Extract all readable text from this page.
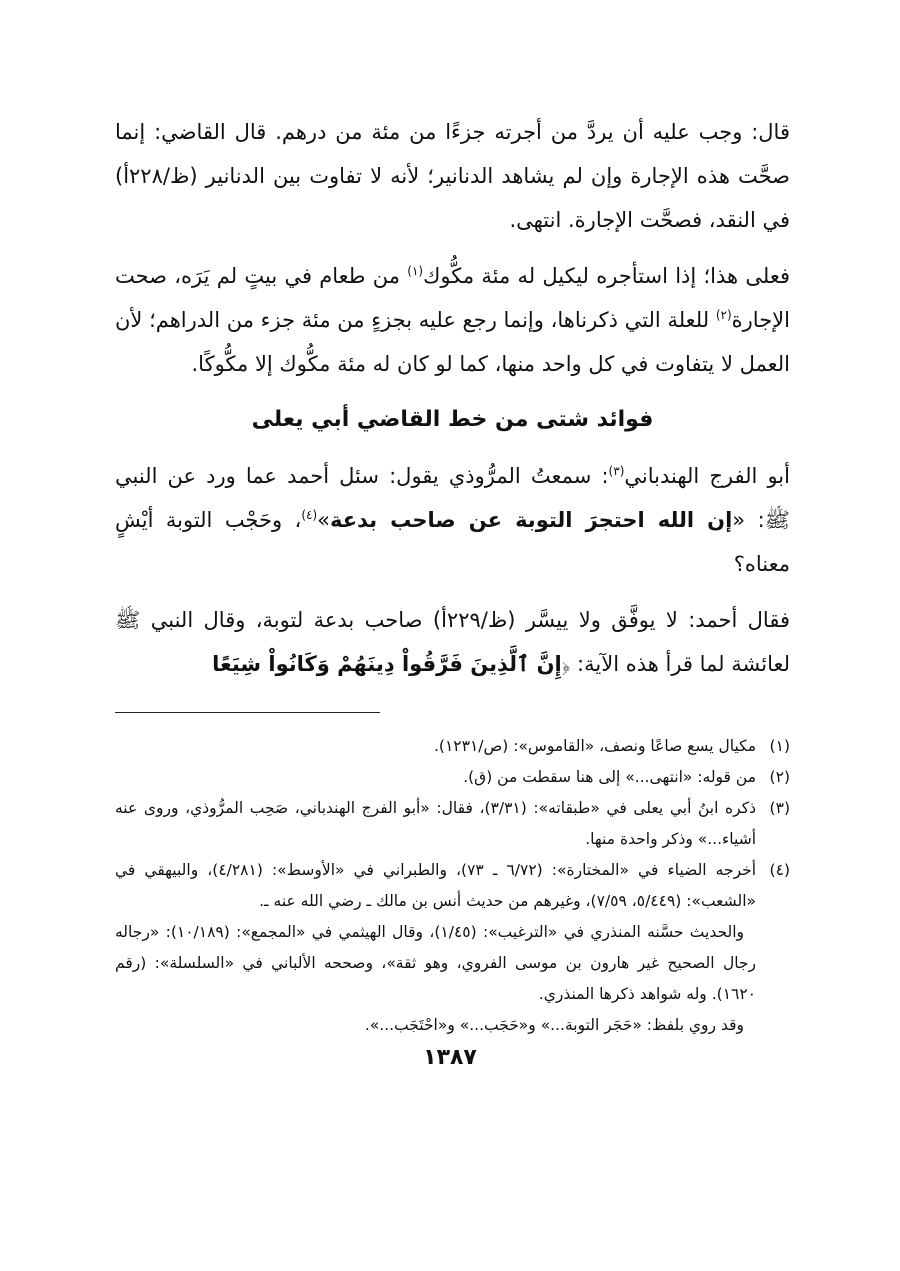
قال: وجب عليه أن يردَّ من أجرته جزءًا من مئة من درهم. قال القاضي: إنما صحَّت هذه الإجارة وإن لم يشاهد الدنانير؛ لأنه لا تفاوت بين الدنانير (ظ/٢٢٨أ) في النقد، فصحَّت الإجارة. انتهى.

فعلى هذا؛ إذا استأجره ليكيل له مئة مكُّوك$^{(١)}$ من طعام في بيتٍ لم يَرَه، صحت الإجارة$^{(٢)}$ للعلة التي ذكرناها، وإنما رجع عليه بجزءٍ من مئة جزء من الدراهم؛ لأن العمل لا يتفاوت في كل واحد منها، كما لو كان له مئة مكُّوك إلا مكُّوكًا.

فوائد شتى من خط القاضي أبي يعلى

أبو الفرج الهندباني$^{(٣)}$: سمعتُ المرُّوذي يقول: سئل أحمد عما ورد عن النبي ﷺ: «إن الله احتجرَ التوبة عن صاحب بدعة»$^{(٤)}$، وحَجْب التوبة أيْشٍ معناه؟

فقال أحمد: لا يوفَّق ولا ييسَّر (ظ/٢٢٩أ) صاحب بدعة لتوبة، وقال النبي ﷺ لعائشة لما قرأ هذه الآية: ﴿إِنَّ ٱلَّذِينَ فَرَّقُواْ دِينَهُمْ وَكَانُواْ شِيَعًا

(١)
مكيال يسع صاعًا ونصف، «القاموس»: (ص/١٢٣١).
(٢)
من قوله: «انتهى...» إلى هنا سقطت من (ق).
(٣)
ذكره ابنُ أبي يعلى في «طبقاته»: (٣/٣١)، فقال: «أبو الفرج الهندباني، صَحِب المرُّوذي، وروى عنه أشياء...» وذكر واحدة منها.
(٤)
أخرجه الضياء في «المختارة»: (٦/٧٢ ـ ٧٣)، والطبراني في «الأوسط»: (٤/٢٨١)، والبيهقي في «الشعب»: (٥/٤٤٩، ٧/٥٩)، وغيرهم من حديث أنس بن مالك ـ رضي الله عنه ـ.
والحديث حسَّنه المنذري في «الترغيب»: (١/٤٥)، وقال الهيثمي في «المجمع»: (١٠/١٨٩): «رجاله رجال الصحيح غير هارون بن موسى الفروي، وهو ثقة»، وصححه الألباني في «السلسلة»: (رقم ١٦٢٠). وله شواهد ذكرها المنذري.
وقد روي بلفظ: «حَجَر التوبة...» و«حَجَب...» و«احْتَجَب...».
١٣٨٧
